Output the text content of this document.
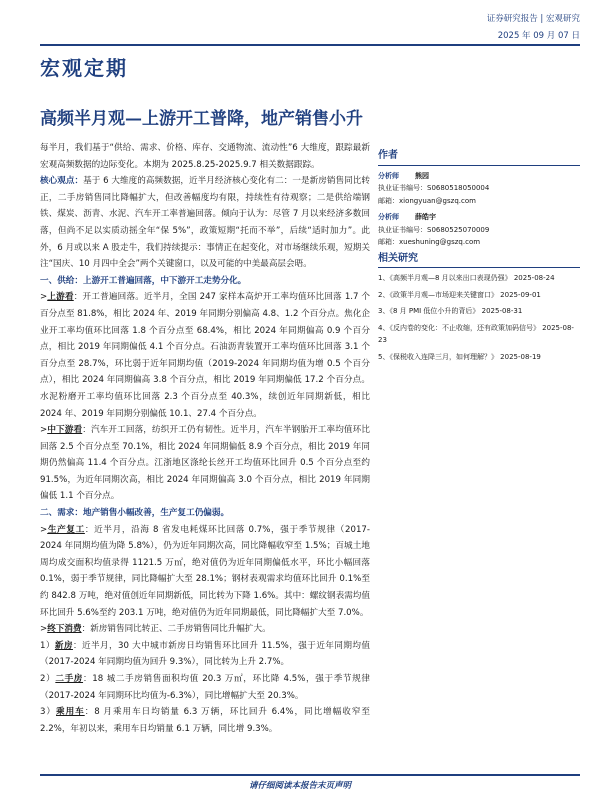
证券研究报告 | 宏观研究
2025 年 09 月 07 日
宏观定期
高频半月观—上游开工普降，地产销售小升

每半月，我们基于“供给、需求、价格、库存、交通物流、流动性”6 大维度，跟踪最新宏观高频数据的边际变化。本期为 2025.8.25-2025.9.7 相关数据跟踪。

核心观点：基于 6 大维度的高频数据，近半月经济核心变化有二：一是新房销售同比转正，二手房销售同比降幅扩大，但改善幅度均有限，持续性有待观察；二是供给端钢铁、煤炭、沥青、水泥、汽车开工率普遍回落。倾向于认为：尽管 7 月以来经济多数回落，但尚不足以实质动摇全年“保 5%”，政策短期“托而不举”，后续“适时加力”。此外，6 月或以来 A 股走牛，我们持续提示：事情正在起变化，对市场继续乐观，短期关注“国庆、10 月四中全会”两个关键窗口，以及可能的中美最高层会晤。

一、供给：上游开工普遍回落，中下游开工走势分化。

>上游看：开工普遍回落。近半月，全国 247 家样本高炉开工率均值环比回落 1.7 个百分点至 81.8%，相比 2024 年、2019 年同期分别偏高 4.8、1.2 个百分点。焦化企业开工率均值环比回落 1.8 个百分点至 68.4%，相比 2024 年同期偏高 0.9 个百分点，相比 2019 年同期偏低 4.1 个百分点。石油沥青装置开工率均值环比回落 3.1 个百分点至 28.7%，环比弱于近年同期均值（2019-2024 年同期均值为增 0.5 个百分点），相比 2024 年同期偏高 3.8 个百分点，相比 2019 年同期偏低 17.2 个百分点。水泥粉磨开工率均值环比回落 2.3 个百分点至 40.3%，续创近年同期新低，相比 2024 年、2019 年同期分别偏低 10.1、27.4 个百分点。

>中下游看：汽车开工回落，纺织开工仍有韧性。近半月，汽车半钢胎开工率均值环比回落 2.5 个百分点至 70.1%，相比 2024 年同期偏低 8.9 个百分点，相比 2019 年同期仍然偏高 11.4 个百分点。江浙地区涤纶长丝开工均值环比回升 0.5 个百分点至约 91.5%，为近年同期次高，相比 2024 年同期偏高 3.0 个百分点，相比 2019 年同期偏低 1.1 个百分点。

二、需求：地产销售小幅改善，生产复工仍偏弱。

>生产复工：近半月，沿海 8 省发电耗煤环比回落 0.7%，强于季节规律（2017-2024 年同期均值为降 5.8%），仍为近年同期次高，同比降幅收窄至 1.5%；百城土地周均成交面积均值录得 1121.5 万㎡，绝对值仍为近年同期偏低水平，环比小幅回落 0.1%，弱于季节规律，同比降幅扩大至 28.1%；钢材表观需求均值环比回升 0.1%至约 842.8 万吨，绝对值创近年同期新低，同比转为下降 1.6%。其中：螺纹钢表需均值环比回升 5.6%至约 203.1 万吨，绝对值仍为近年同期最低，同比降幅扩大至 7.0%。

>终下消费：新房销售同比转正、二手房销售同比升幅扩大。

1）新房：近半月，30 大中城市新房日均销售环比回升 11.5%，强于近年同期均值（2017-2024 年同期均值为回升 9.3%），同比转为上升 2.7%。

2）二手房：18 城二手房销售面积均值 20.3 万㎡，环比降 4.5%，强于季节规律（2017-2024 年同期环比均值为-6.3%），同比增幅扩大至 20.3%。

3）乘用车：8 月乘用车日均销量 6.3 万辆，环比回升 6.4%，同比增幅收窄至 2.2%，年初以来，乘用车日均销量 6.1 万辆，同比增 9.3%。

作者
分析师 熊园
执业证书编号：S0680518050004
邮箱：xiongyuan@gszq.com
分析师 薛皓宇
执业证书编号：S0680525070009
邮箱：xueshuning@gszq.com
相关研究
1、《高频半月观—8 月以来出口表现仍强》 2025-08-24
2、《政策半月观—市场迎来关键窗口》 2025-09-01
3、《8 月 PMI 低位小升的背后》 2025-08-31
4、《反内卷的变化：不止收缩，还有政策加码信号》 2025-08-23
5、《保税收入连降三月，如何理解？》 2025-08-19
请仔细阅读本报告末页声明
